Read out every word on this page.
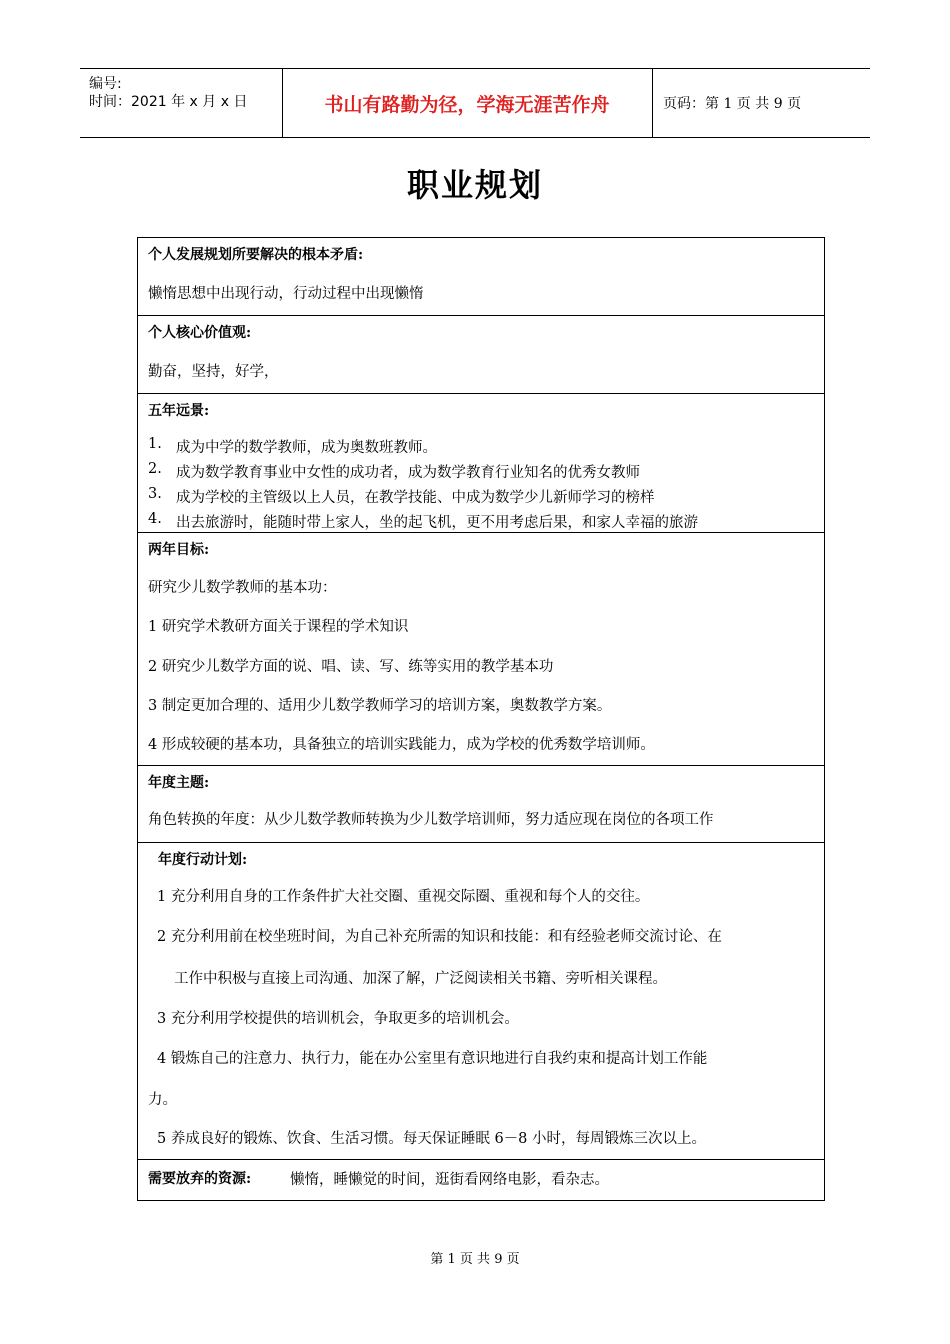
编号:
时间：2021 年 x 月 x 日	书山有路勤为径，学海无涯苦作舟	页码：第 1 页 共 9 页
职业规划
个人发展规划所要解决的根本矛盾:
懒惰思想中出现行动，行动过程中出现懒惰
个人核心价值观:
勤奋，坚持，好学，
五年远景:
1. 成为中学的数学教师，成为奥数班教师。
2. 成为数学教育事业中女性的成功者，成为数学教育行业知名的优秀女教师
3. 成为学校的主管级以上人员，在教学技能、中成为数学少儿新师学习的榜样
4. 出去旅游时，能随时带上家人，坐的起飞机，更不用考虑后果，和家人幸福的旅游
两年目标:
研究少儿数学教师的基本功：
1 研究学术教研方面关于课程的学术知识
2 研究少儿数学方面的说、唱、读、写、练等实用的教学基本功
3 制定更加合理的、适用少儿数学教师学习的培训方案，奥数教学方案。
4 形成较硬的基本功，具备独立的培训实践能力，成为学校的优秀数学培训师。
年度主题:
角色转换的年度：从少儿数学教师转换为少儿数学培训师，努力适应现在岗位的各项工作
年度行动计划:
1 充分利用自身的工作条件扩大社交圈、重视交际圈、重视和每个人的交往。
2 充分利用前在校坐班时间，为自己补充所需的知识和技能：和有经验老师交流讨论、在
工作中积极与直接上司沟通、加深了解，广泛阅读相关书籍、旁听相关课程。
3 充分利用学校提供的培训机会，争取更多的培训机会。
4 锻炼自己的注意力、执行力，能在办公室里有意识地进行自我约束和提高计划工作能
力。
5 养成良好的锻炼、饮食、生活习惯。每天保证睡眠 6－8 小时，每周锻炼三次以上。
需要放弃的资源:	懒惰，睡懒觉的时间，逛街看网络电影，看杂志。
第 1 页 共 9 页
